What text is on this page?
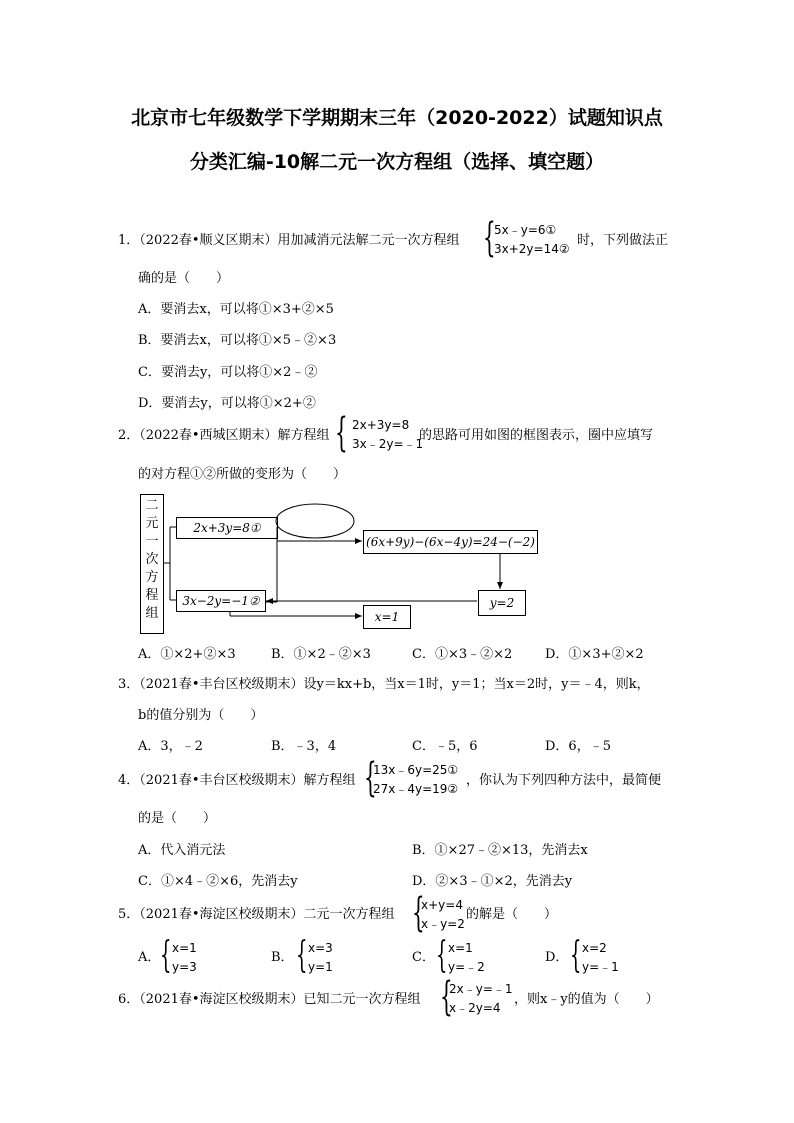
北京市七年级数学下学期期末三年（2020-2022）试题知识点
分类汇编-10解二元一次方程组（选择、填空题）
1．（2022春•顺义区期末）用加减消元法解二元一次方程组 {
5x﹣y=6①
3x+2y=14②
时，下列做法正
确的是（　　）
A．要消去x，可以将①×3+②×5
B．要消去x，可以将①×5﹣②×3
C．要消去y，可以将①×2﹣②
D．要消去y，可以将①×2+②
2．（2022春•西城区期末）解方程组 { 2x+3y=8
3x﹣2y=﹣1
的思路可用如图的框图表示，圈中应填写
的对方程①②所做的变形为（　　）
二元一次方程组
2x+3y=8①
3x−2y=−1②
(6x+9y)−(6x−4y)=24−(−2)
y=2
x=1
A．①×2+②×3	B．①×2﹣②×3	C．①×3﹣②×2	D．①×3+②×2
3．（2021春•丰台区校级期末）设y＝kx+b，当x＝1时，y＝1；当x＝2时，y＝﹣4，则k，
b的值分别为（　　）
A．3，﹣2	B．﹣3，4	C．﹣5，6	D．6，﹣5
4．（2021春•丰台区校级期末）解方程组 {
13x﹣6y=25①
27x﹣4y=19②
，你认为下列四种方法中，最简便
的是（　　）
A．代入消元法	B．①×27﹣②×13，先消去x
C．①×4﹣②×6，先消去y	D．②×3﹣①×2，先消去y
5．（2021春•海淀区校级期末）二元一次方程组 {
x+y=4
x﹣y=2
的解是（　　）
A． { x=1
y=3
B． { x=3
y=1
C． { x=1
y=﹣2
D． { x=2
y=﹣1
6．（2021春•海淀区校级期末）已知二元一次方程组 {
2x﹣y=﹣1
x﹣2y=4
，则x﹣y的值为（　　）
